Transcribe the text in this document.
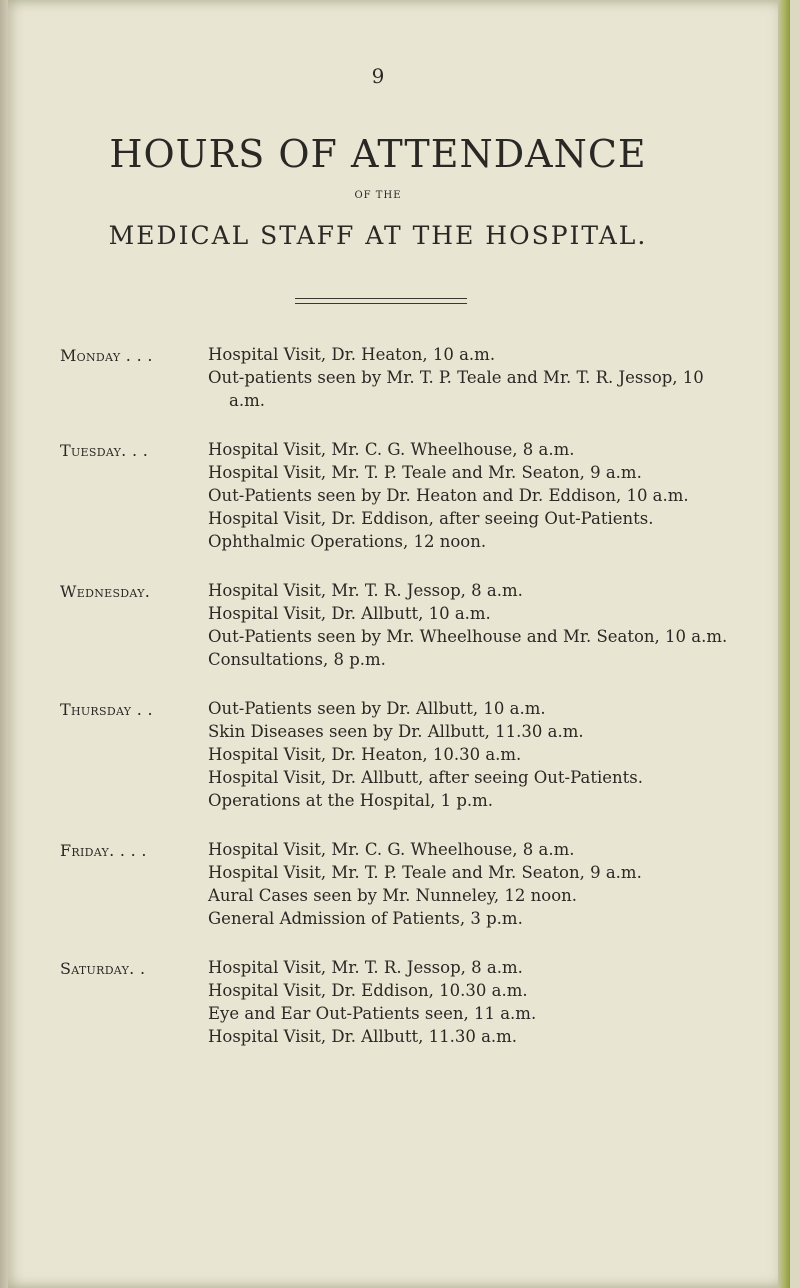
9
HOURS OF ATTENDANCE
OF THE
MEDICAL STAFF AT THE HOSPITAL.
Monday . . .	Hospital Visit, Dr. Heaton, 10 a.m.
Out-patients seen by Mr. T. P. Teale and Mr. T. R. Jessop, 10 a.m.
Tuesday. . .	Hospital Visit, Mr. C. G. Wheelhouse, 8 a.m.
Hospital Visit, Mr. T. P. Teale and Mr. Seaton, 9 a.m.
Out-Patients seen by Dr. Heaton and Dr. Eddison, 10 a.m.
Hospital Visit, Dr. Eddison, after seeing Out-Patients.
Ophthalmic Operations, 12 noon.
Wednesday.	Hospital Visit, Mr. T. R. Jessop, 8 a.m.
Hospital Visit, Dr. Allbutt, 10 a.m.
Out-Patients seen by Mr. Wheelhouse and Mr. Seaton, 10 a.m.
Consultations, 8 p.m.
Thursday . .	Out-Patients seen by Dr. Allbutt, 10 a.m.
Skin Diseases seen by Dr. Allbutt, 11.30 a.m.
Hospital Visit, Dr. Heaton, 10.30 a.m.
Hospital Visit, Dr. Allbutt, after seeing Out-Patients.
Operations at the Hospital, 1 p.m.
Friday. . . .	Hospital Visit, Mr. C. G. Wheelhouse, 8 a.m.
Hospital Visit, Mr. T. P. Teale and Mr. Seaton, 9 a.m.
Aural Cases seen by Mr. Nunneley, 12 noon.
General Admission of Patients, 3 p.m.
Saturday. .	Hospital Visit, Mr. T. R. Jessop, 8 a.m.
Hospital Visit, Dr. Eddison, 10.30 a.m.
Eye and Ear Out-Patients seen, 11 a.m.
Hospital Visit, Dr. Allbutt, 11.30 a.m.
